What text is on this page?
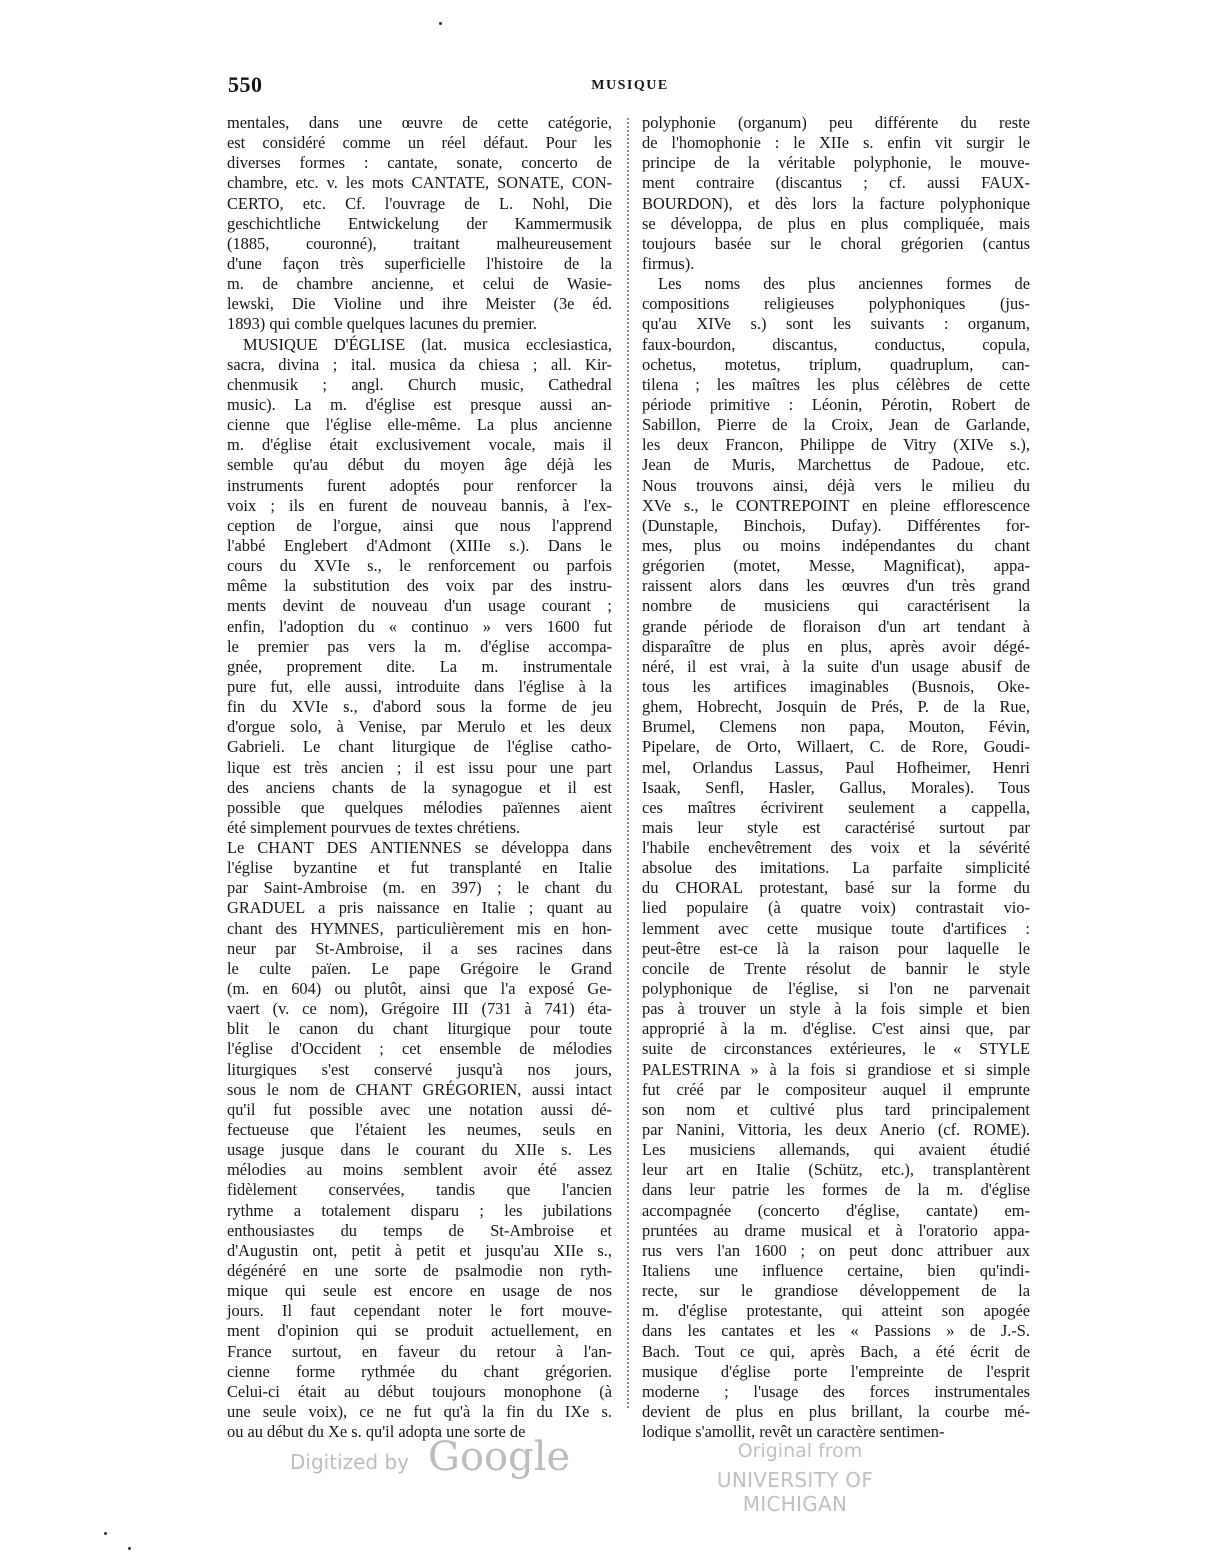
550	MUSIQUE
mentales, dans une œuvre de cette catégorie,
est considéré comme un réel défaut. Pour les
diverses formes : cantate, sonate, concerto de
chambre, etc. v. les mots CANTATE, SONATE, CON-
CERTO, etc. Cf. l'ouvrage de L. Nohl, Die
geschichtliche Entwickelung der Kammermusik
(1885, couronné), traitant malheureusement
d'une façon très superficielle l'histoire de la
m. de chambre ancienne, et celui de Wasie-
lewski, Die Violine und ihre Meister (3e éd.
1893) qui comble quelques lacunes du premier.
MUSIQUE D'ÉGLISE (lat. musica ecclesiastica,
sacra, divina ; ital. musica da chiesa ; all. Kir-
chenmusik ; angl. Church music, Cathedral
music). La m. d'église est presque aussi an-
cienne que l'église elle-même. La plus ancienne
m. d'église était exclusivement vocale, mais il
semble qu'au début du moyen âge déjà les
instruments furent adoptés pour renforcer la
voix ; ils en furent de nouveau bannis, à l'ex-
ception de l'orgue, ainsi que nous l'apprend
l'abbé Englebert d'Admont (XIIIe s.). Dans le
cours du XVIe s., le renforcement ou parfois
même la substitution des voix par des instru-
ments devint de nouveau d'un usage courant ;
enfin, l'adoption du « continuo » vers 1600 fut
le premier pas vers la m. d'église accompa-
gnée, proprement dite. La m. instrumentale
pure fut, elle aussi, introduite dans l'église à la
fin du XVIe s., d'abord sous la forme de jeu
d'orgue solo, à Venise, par Merulo et les deux
Gabrieli. Le chant liturgique de l'église catho-
lique est très ancien ; il est issu pour une part
des anciens chants de la synagogue et il est
possible que quelques mélodies païennes aient
été simplement pourvues de textes chrétiens.
Le CHANT DES ANTIENNES se développa dans
l'église byzantine et fut transplanté en Italie
par Saint-Ambroise (m. en 397) ; le chant du
GRADUEL a pris naissance en Italie ; quant au
chant des HYMNES, particulièrement mis en hon-
neur par St-Ambroise, il a ses racines dans
le culte païen. Le pape Grégoire le Grand
(m. en 604) ou plutôt, ainsi que l'a exposé Ge-
vaert (v. ce nom), Grégoire III (731 à 741) éta-
blit le canon du chant liturgique pour toute
l'église d'Occident ; cet ensemble de mélodies
liturgiques s'est conservé jusqu'à nos jours,
sous le nom de CHANT GRÉGORIEN, aussi intact
qu'il fut possible avec une notation aussi dé-
fectueuse que l'étaient les neumes, seuls en
usage jusque dans le courant du XIIe s. Les
mélodies au moins semblent avoir été assez
fidèlement conservées, tandis que l'ancien
rythme a totalement disparu ; les jubilations
enthousiastes du temps de St-Ambroise et
d'Augustin ont, petit à petit et jusqu'au XIIe s.,
dégénéré en une sorte de psalmodie non ryth-
mique qui seule est encore en usage de nos
jours. Il faut cependant noter le fort mouve-
ment d'opinion qui se produit actuellement, en
France surtout, en faveur du retour à l'an-
cienne forme rythmée du chant grégorien.
Celui-ci était au début toujours monophone (à
une seule voix), ce ne fut qu'à la fin du IXe s.
ou au début du Xe s. qu'il adopta une sorte de
polyphonie (organum) peu différente du reste
de l'homophonie : le XIIe s. enfin vit surgir le
principe de la véritable polyphonie, le mouve-
ment contraire (discantus ; cf. aussi FAUX-
BOURDON), et dès lors la facture polyphonique
se développa, de plus en plus compliquée, mais
toujours basée sur le choral grégorien (cantus
firmus).
Les noms des plus anciennes formes de
compositions religieuses polyphoniques (jus-
qu'au XIVe s.) sont les suivants : organum,
faux-bourdon, discantus, conductus, copula,
ochetus, motetus, triplum, quadruplum, can-
tilena ; les maîtres les plus célèbres de cette
période primitive : Léonin, Pérotin, Robert de
Sabillon, Pierre de la Croix, Jean de Garlande,
les deux Francon, Philippe de Vitry (XIVe s.),
Jean de Muris, Marchettus de Padoue, etc.
Nous trouvons ainsi, déjà vers le milieu du
XVe s., le CONTREPOINT en pleine efflorescence
(Dunstaple, Binchois, Dufay). Différentes for-
mes, plus ou moins indépendantes du chant
grégorien (motet, Messe, Magnificat), appa-
raissent alors dans les œuvres d'un très grand
nombre de musiciens qui caractérisent la
grande période de floraison d'un art tendant à
disparaître de plus en plus, après avoir dégé-
néré, il est vrai, à la suite d'un usage abusif de
tous les artifices imaginables (Busnois, Oke-
ghem, Hobrecht, Josquin de Prés, P. de la Rue,
Brumel, Clemens non papa, Mouton, Févin,
Pipelare, de Orto, Willaert, C. de Rore, Goudi-
mel, Orlandus Lassus, Paul Hofheimer, Henri
Isaak, Senfl, Hasler, Gallus, Morales). Tous
ces maîtres écrivirent seulement a cappella,
mais leur style est caractérisé surtout par
l'habile enchevêtrement des voix et la sévérité
absolue des imitations. La parfaite simplicité
du CHORAL protestant, basé sur la forme du
lied populaire (à quatre voix) contrastait vio-
lemment avec cette musique toute d'artifices :
peut-être est-ce là la raison pour laquelle le
concile de Trente résolut de bannir le style
polyphonique de l'église, si l'on ne parvenait
pas à trouver un style à la fois simple et bien
approprié à la m. d'église. C'est ainsi que, par
suite de circonstances extérieures, le « STYLE
PALESTRINA » à la fois si grandiose et si simple
fut créé par le compositeur auquel il emprunte
son nom et cultivé plus tard principalement
par Nanini, Vittoria, les deux Anerio (cf. ROME).
Les musiciens allemands, qui avaient étudié
leur art en Italie (Schütz, etc.), transplantèrent
dans leur patrie les formes de la m. d'église
accompagnée (concerto d'église, cantate) em-
pruntées au drame musical et à l'oratorio appa-
rus vers l'an 1600 ; on peut donc attribuer aux
Italiens une influence certaine, bien qu'indi-
recte, sur le grandiose développement de la
m. d'église protestante, qui atteint son apogée
dans les cantates et les « Passions » de J.-S.
Bach. Tout ce qui, après Bach, a été écrit de
musique d'église porte l'empreinte de l'esprit
moderne ; l'usage des forces instrumentales
devient de plus en plus brillant, la courbe mé-
lodique s'amollit, revêt un caractère sentimen-
Digitized by Google	Original from
UNIVERSITY OF MICHIGAN
